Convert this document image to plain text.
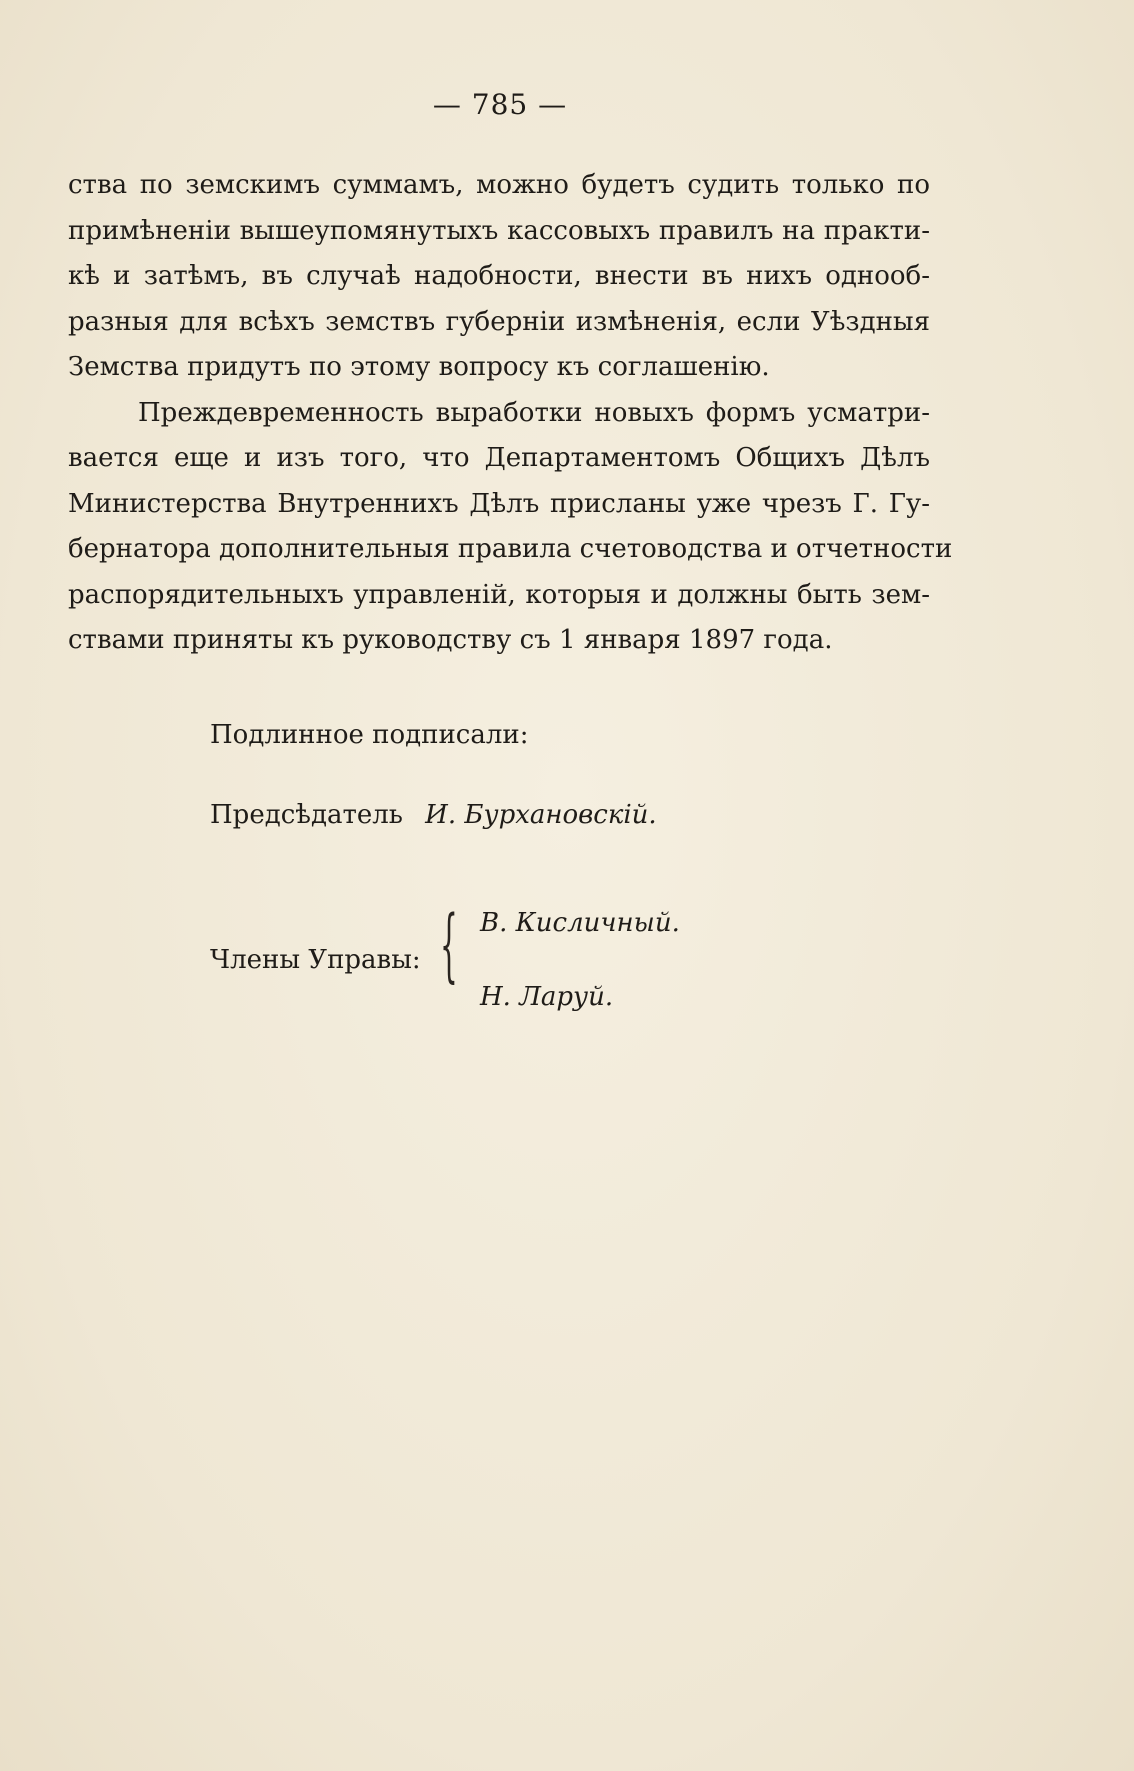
— 785 —
ства по земскимъ суммамъ, можно будетъ судить только по
примѣненіи вышеупомянутыхъ кассовыхъ правилъ на практи-
кѣ и затѣмъ, въ случаѣ надобности, внести въ нихъ однооб-
разныя для всѣхъ земствъ губерніи измѣненія, если Уѣздныя
Земства придутъ по этому вопросу къ соглашенію.
Преждевременность выработки новыхъ формъ усматри-
вается еще и изъ того, что Департаментомъ Общихъ Дѣлъ
Министерства Внутреннихъ Дѣлъ присланы уже чрезъ Г. Гу-
бернатора дополнительныя правила счетоводства и отчетности
распорядительныхъ управленій, которыя и должны быть зем-
ствами приняты къ руководству съ 1 января 1897 года.
Подлинное подписали:
Предсѣдатель И. Бурхановскій.
Члены Управы: { В. Кисличный.
Н. Ларуй.
